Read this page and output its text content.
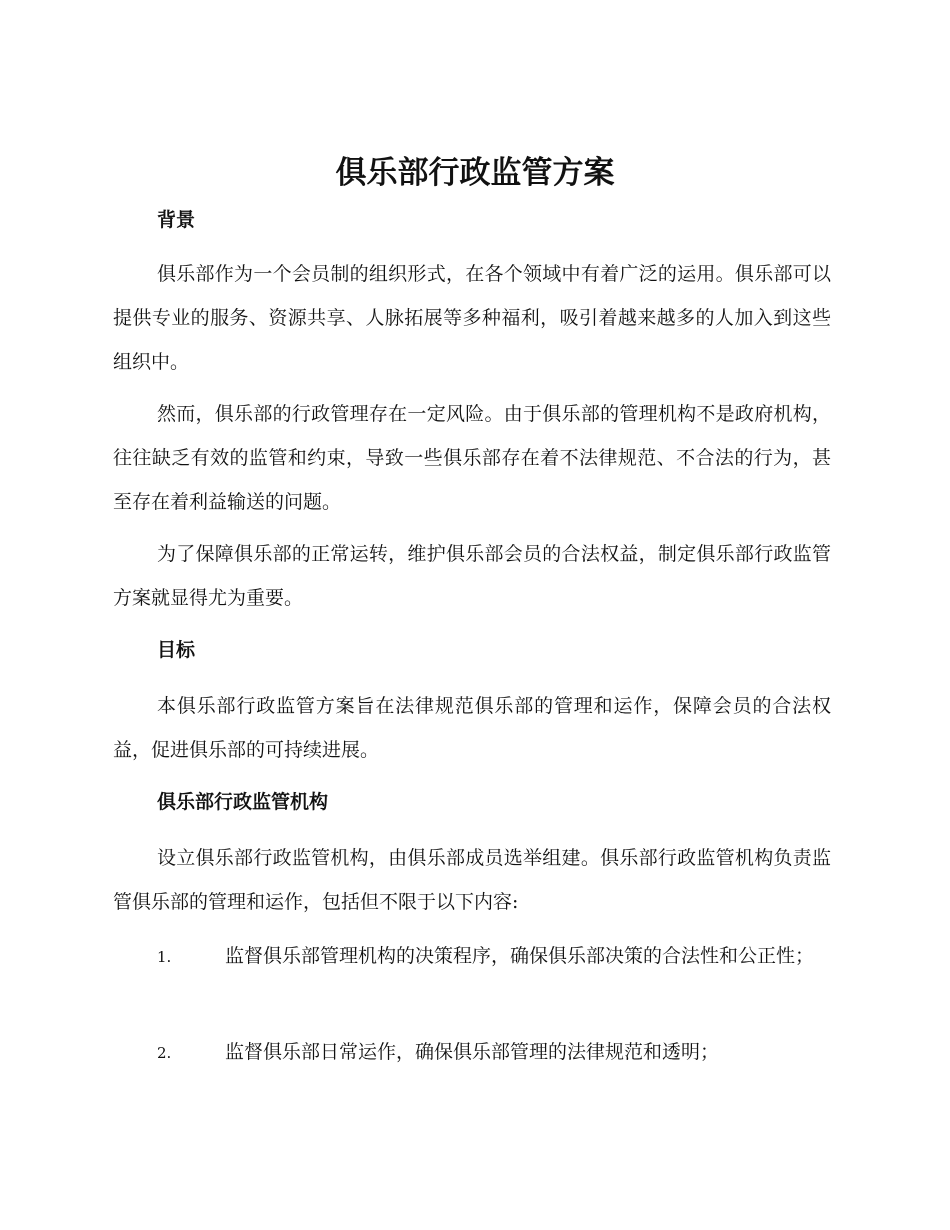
俱乐部行政监管方案
背景

俱乐部作为一个会员制的组织形式，在各个领域中有着广泛的运用。俱乐部可以提供专业的服务、资源共享、人脉拓展等多种福利，吸引着越来越多的人加入到这些组织中。

然而，俱乐部的行政管理存在一定风险。由于俱乐部的管理机构不是政府机构，往往缺乏有效的监管和约束，导致一些俱乐部存在着不法律规范、不合法的行为，甚至存在着利益输送的问题。

为了保障俱乐部的正常运转，维护俱乐部会员的合法权益，制定俱乐部行政监管方案就显得尤为重要。

目标

本俱乐部行政监管方案旨在法律规范俱乐部的管理和运作，保障会员的合法权益，促进俱乐部的可持续进展。

俱乐部行政监管机构

设立俱乐部行政监管机构，由俱乐部成员选举组建。俱乐部行政监管机构负责监管俱乐部的管理和运作，包括但不限于以下内容:

1.	监督俱乐部管理机构的决策程序，确保俱乐部决策的合法性和公正性；
2.	监督俱乐部日常运作，确保俱乐部管理的法律规范和透明；
